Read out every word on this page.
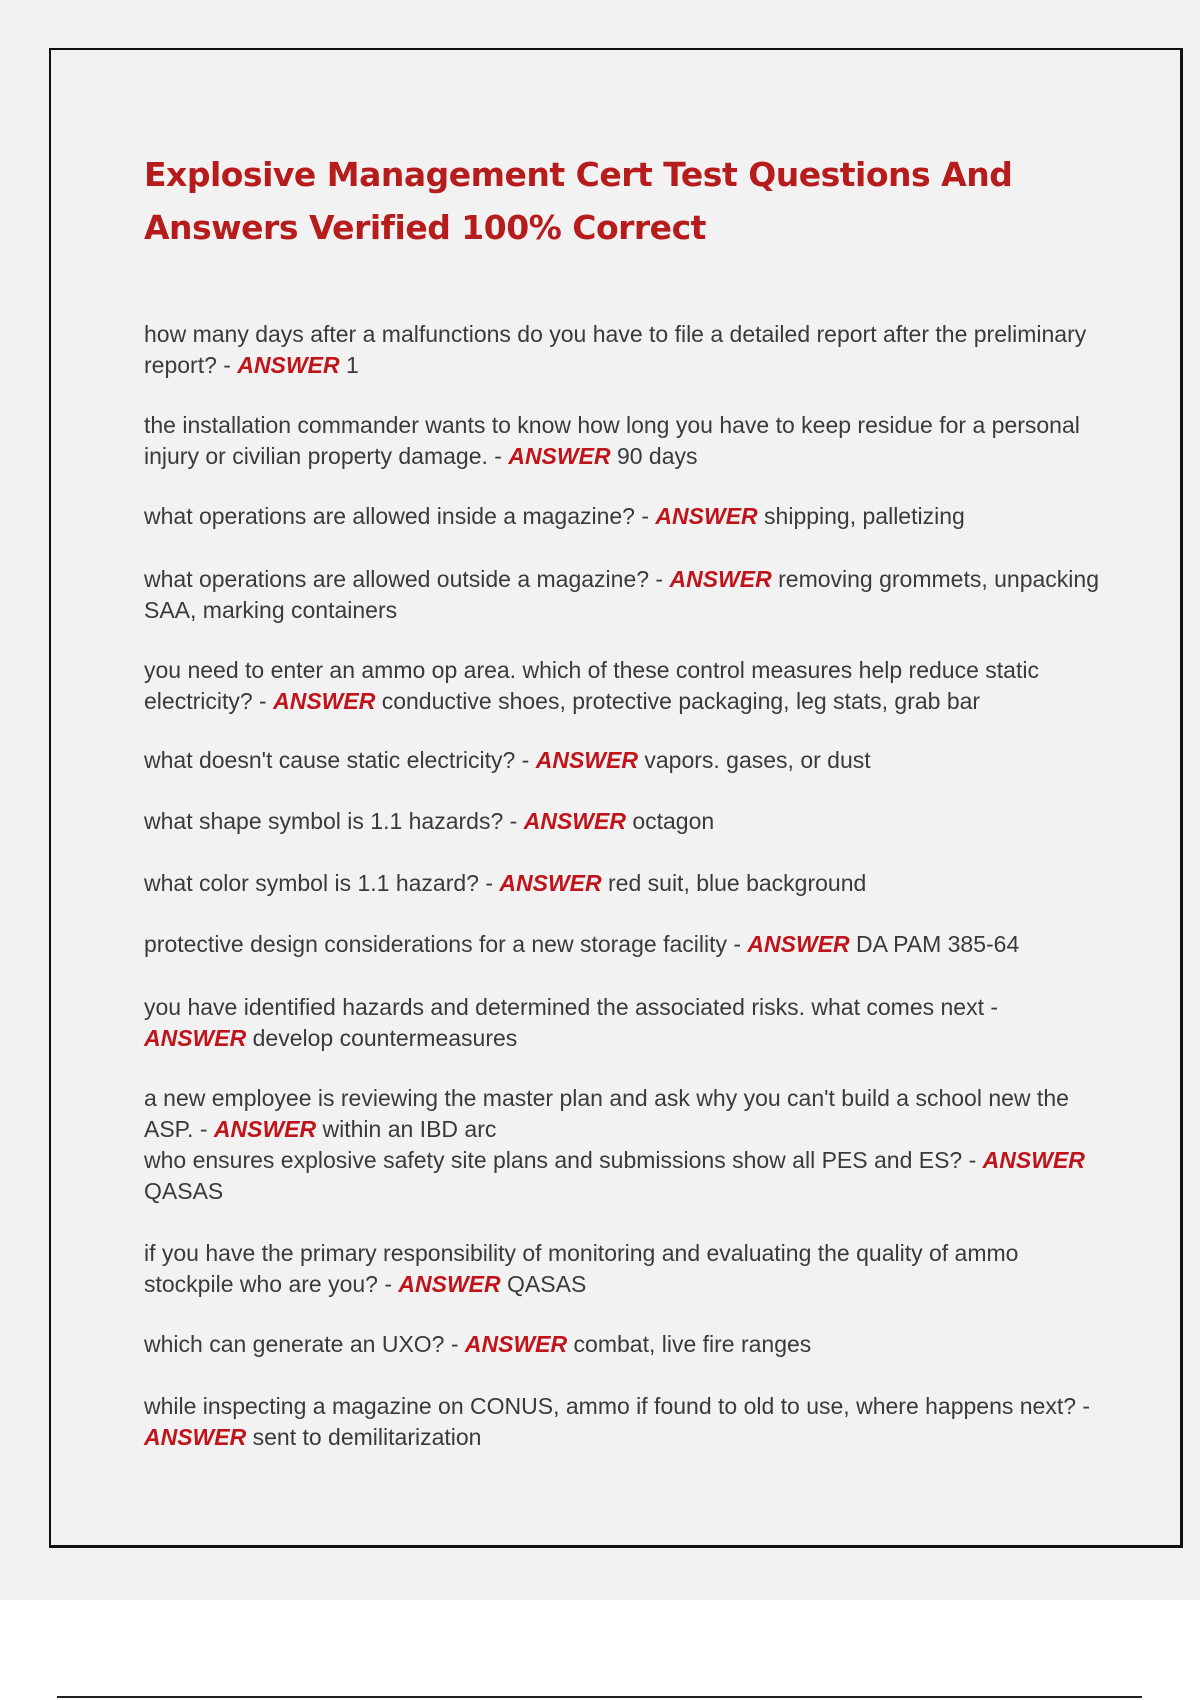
Explosive Management Cert Test Questions And Answers Verified 100% Correct

how many days after a malfunctions do you have to file a detailed report after the preliminary report? - ANSWER 1

the installation commander wants to know how long you have to keep residue for a personal injury or civilian property damage. - ANSWER 90 days

what operations are allowed inside a magazine? - ANSWER shipping, palletizing

what operations are allowed outside a magazine? - ANSWER removing grommets, unpacking SAA, marking containers

you need to enter an ammo op area. which of these control measures help reduce static electricity? - ANSWER conductive shoes, protective packaging, leg stats, grab bar

what doesn't cause static electricity? - ANSWER vapors. gases, or dust

what shape symbol is 1.1 hazards? - ANSWER octagon

what color symbol is 1.1 hazard? - ANSWER red suit, blue background

protective design considerations for a new storage facility - ANSWER DA PAM 385-64

you have identified hazards and determined the associated risks. what comes next - ANSWER develop countermeasures

a new employee is reviewing the master plan and ask why you can't build a school new the ASP. - ANSWER within an IBD arc

who ensures explosive safety site plans and submissions show all PES and ES? - ANSWER QASAS

if you have the primary responsibility of monitoring and evaluating the quality of ammo stockpile who are you? - ANSWER QASAS

which can generate an UXO? - ANSWER combat, live fire ranges

while inspecting a magazine on CONUS, ammo if found to old to use, where happens next? - ANSWER sent to demilitarization
